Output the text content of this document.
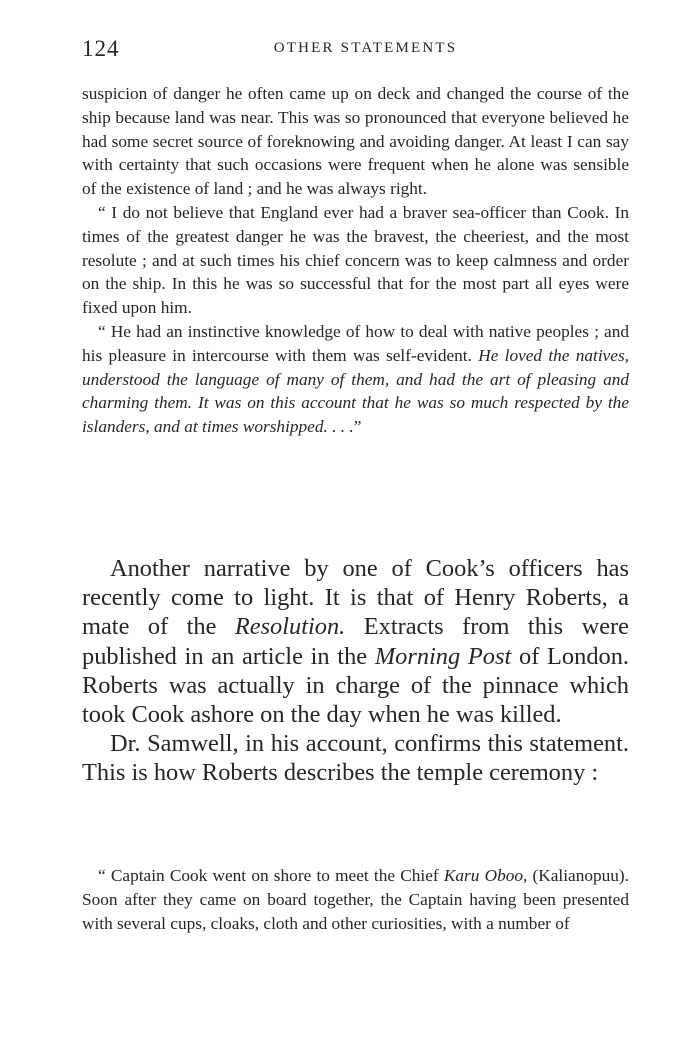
124	OTHER STATEMENTS

suspicion of danger he often came up on deck and changed the course of the ship because land was near. This was so pronounced that everyone believed he had some secret source of foreknowing and avoiding danger. At least I can say with certainty that such occasions were frequent when he alone was sensible of the existence of land ; and he was always right.

“ I do not believe that England ever had a braver sea-officer than Cook. In times of the greatest danger he was the bravest, the cheeriest, and the most resolute ; and at such times his chief concern was to keep calmness and order on the ship. In this he was so successful that for the most part all eyes were fixed upon him.

“ He had an instinctive knowledge of how to deal with native peoples ; and his pleasure in intercourse with them was self-evident. He loved the natives, understood the language of many of them, and had the art of pleasing and charming them. It was on this account that he was so much respected by the islanders, and at times worshipped. . . .”

Another narrative by one of Cook’s officers has recently come to light. It is that of Henry Roberts, a mate of the Resolution. Extracts from this were published in an article in the Morning Post of London. Roberts was actually in charge of the pinnace which took Cook ashore on the day when he was killed.

Dr. Samwell, in his account, confirms this statement. This is how Roberts describes the temple ceremony :

“ Captain Cook went on shore to meet the Chief Karu Oboo, (Kalianopuu). Soon after they came on board together, the Captain having been presented with several cups, cloaks, cloth and other curiosities, with a number of
